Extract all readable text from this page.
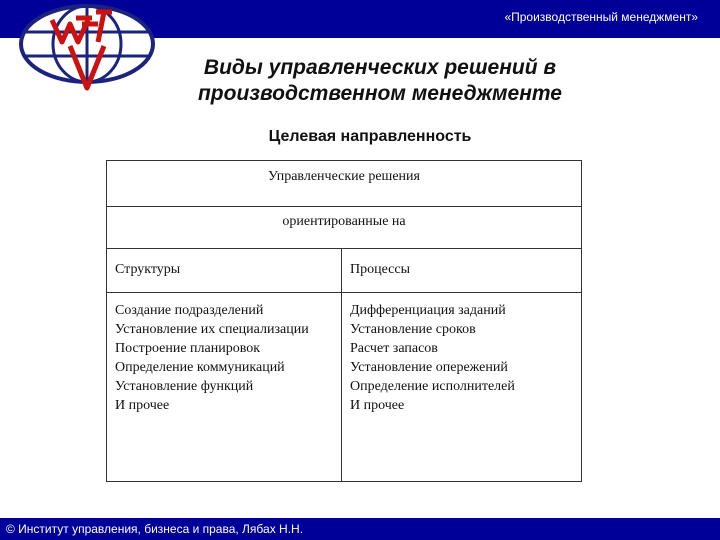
«Производственный менеджмент»
Виды управленческих решений в
производственном менеджменте
Целевая направленность
Управленческие решения
ориентированные на
Структуры	Процессы
Создание подразделений
Установление их специализации
Построение планировок
Определение коммуникаций
Установление функций
И прочее
Дифференциация заданий
Установление сроков
Расчет запасов
Установление опережений
Определение исполнителей
И прочее
© Институт управления, бизнеса и права, Лябах Н.Н.
